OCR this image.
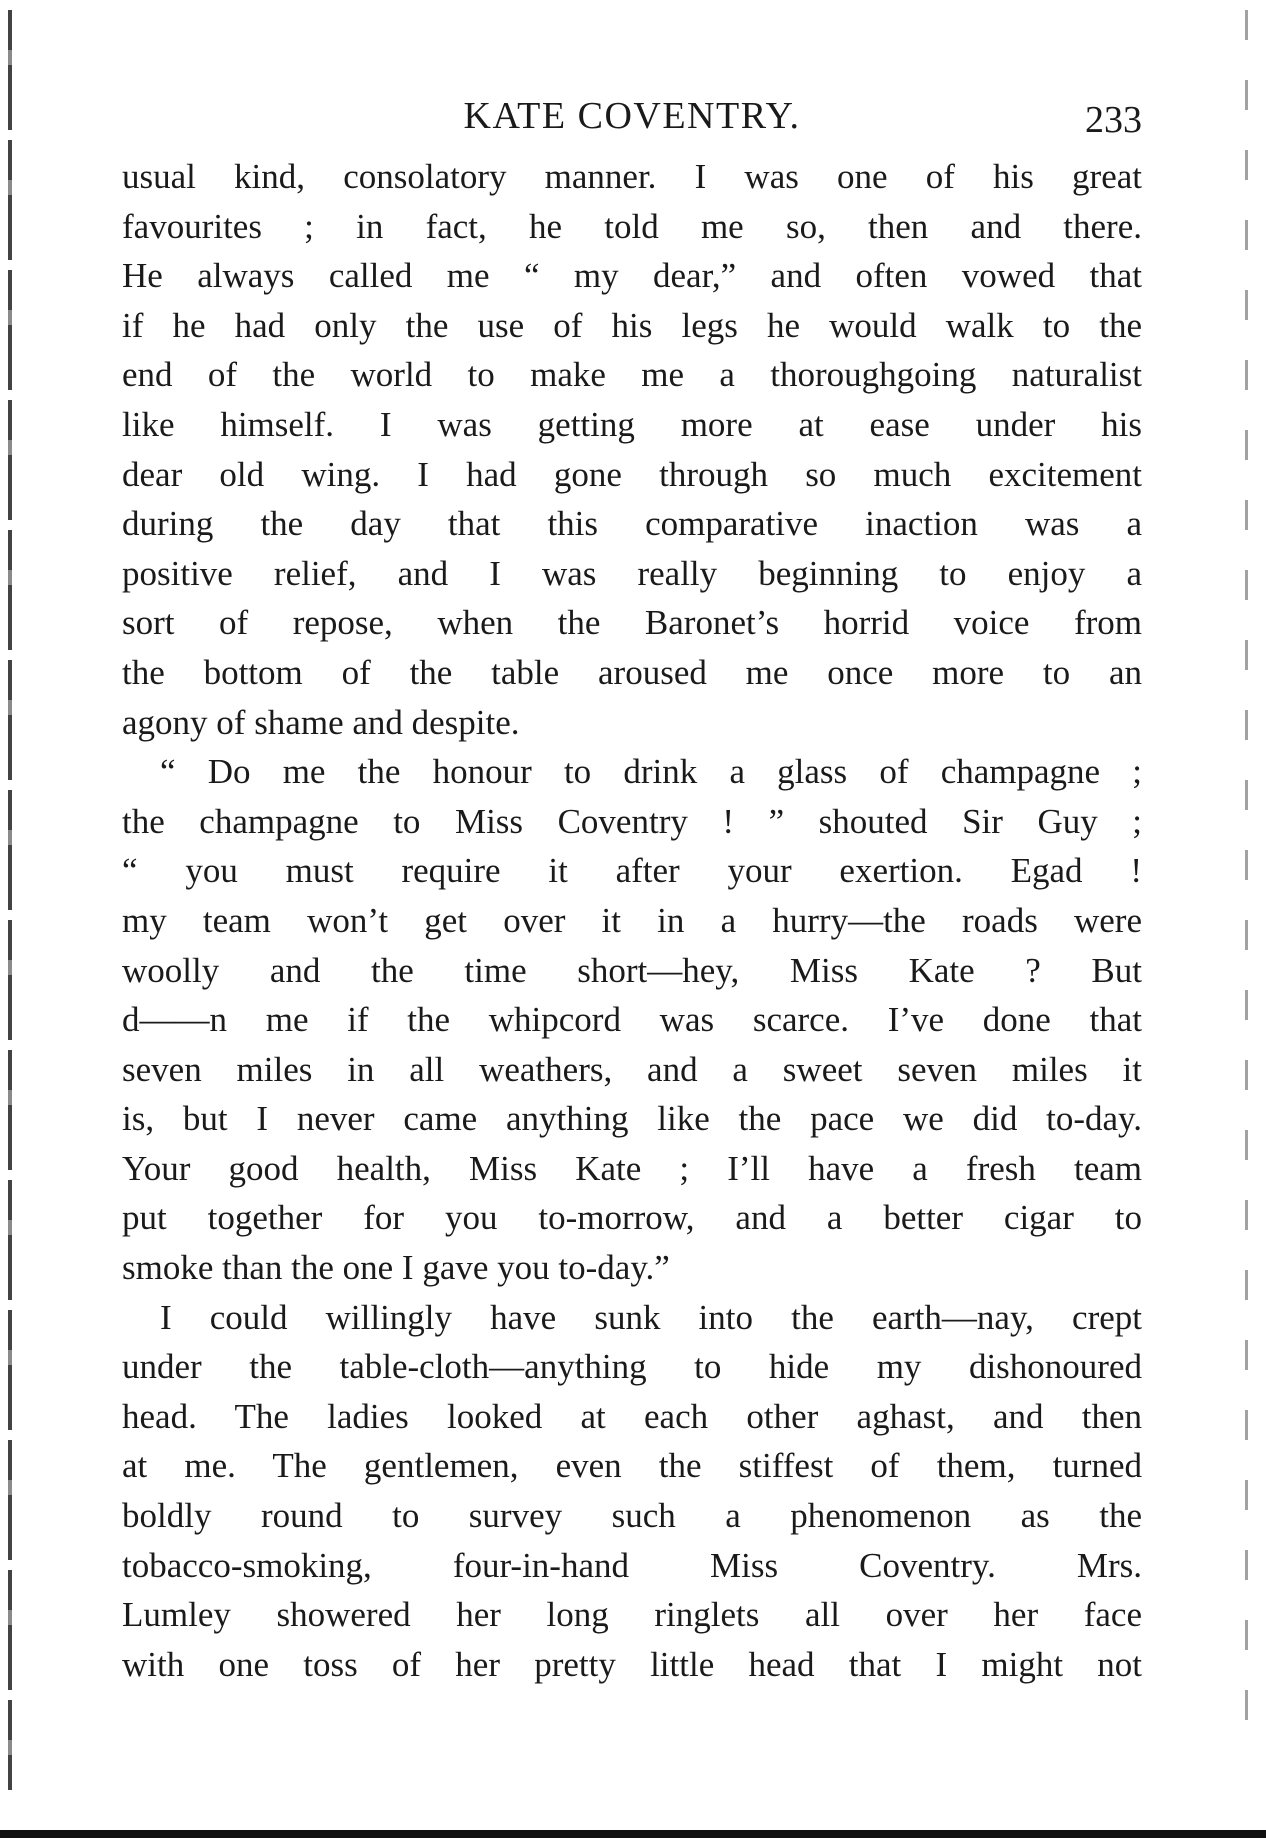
KATE COVENTRY.	233
usual kind, consolatory manner. I was one of his great
favourites ; in fact, he told me so, then and there.
He always called me “ my dear,” and often vowed that
if he had only the use of his legs he would walk to the
end of the world to make me a thoroughgoing naturalist
like himself. I was getting more at ease under his
dear old wing. I had gone through so much excitement
during the day that this comparative inaction was a
positive relief, and I was really beginning to enjoy a
sort of repose, when the Baronet’s horrid voice from
the bottom of the table aroused me once more to an
agony of shame and despite.
“ Do me the honour to drink a glass of champagne ;
the champagne to Miss Coventry ! ” shouted Sir Guy ;
“ you must require it after your exertion. Egad !
my team won’t get over it in a hurry—the roads were
woolly and the time short—hey, Miss Kate ? But
d——n me if the whipcord was scarce. I’ve done that
seven miles in all weathers, and a sweet seven miles it
is, but I never came anything like the pace we did to-day.
Your good health, Miss Kate ; I’ll have a fresh team
put together for you to-morrow, and a better cigar to
smoke than the one I gave you to-day.”
I could willingly have sunk into the earth—nay, crept
under the table-cloth—anything to hide my dishonoured
head. The ladies looked at each other aghast, and then
at me. The gentlemen, even the stiffest of them, turned
boldly round to survey such a phenomenon as the
tobacco-smoking, four-in-hand Miss Coventry. Mrs.
Lumley showered her long ringlets all over her face
with one toss of her pretty little head that I might not
